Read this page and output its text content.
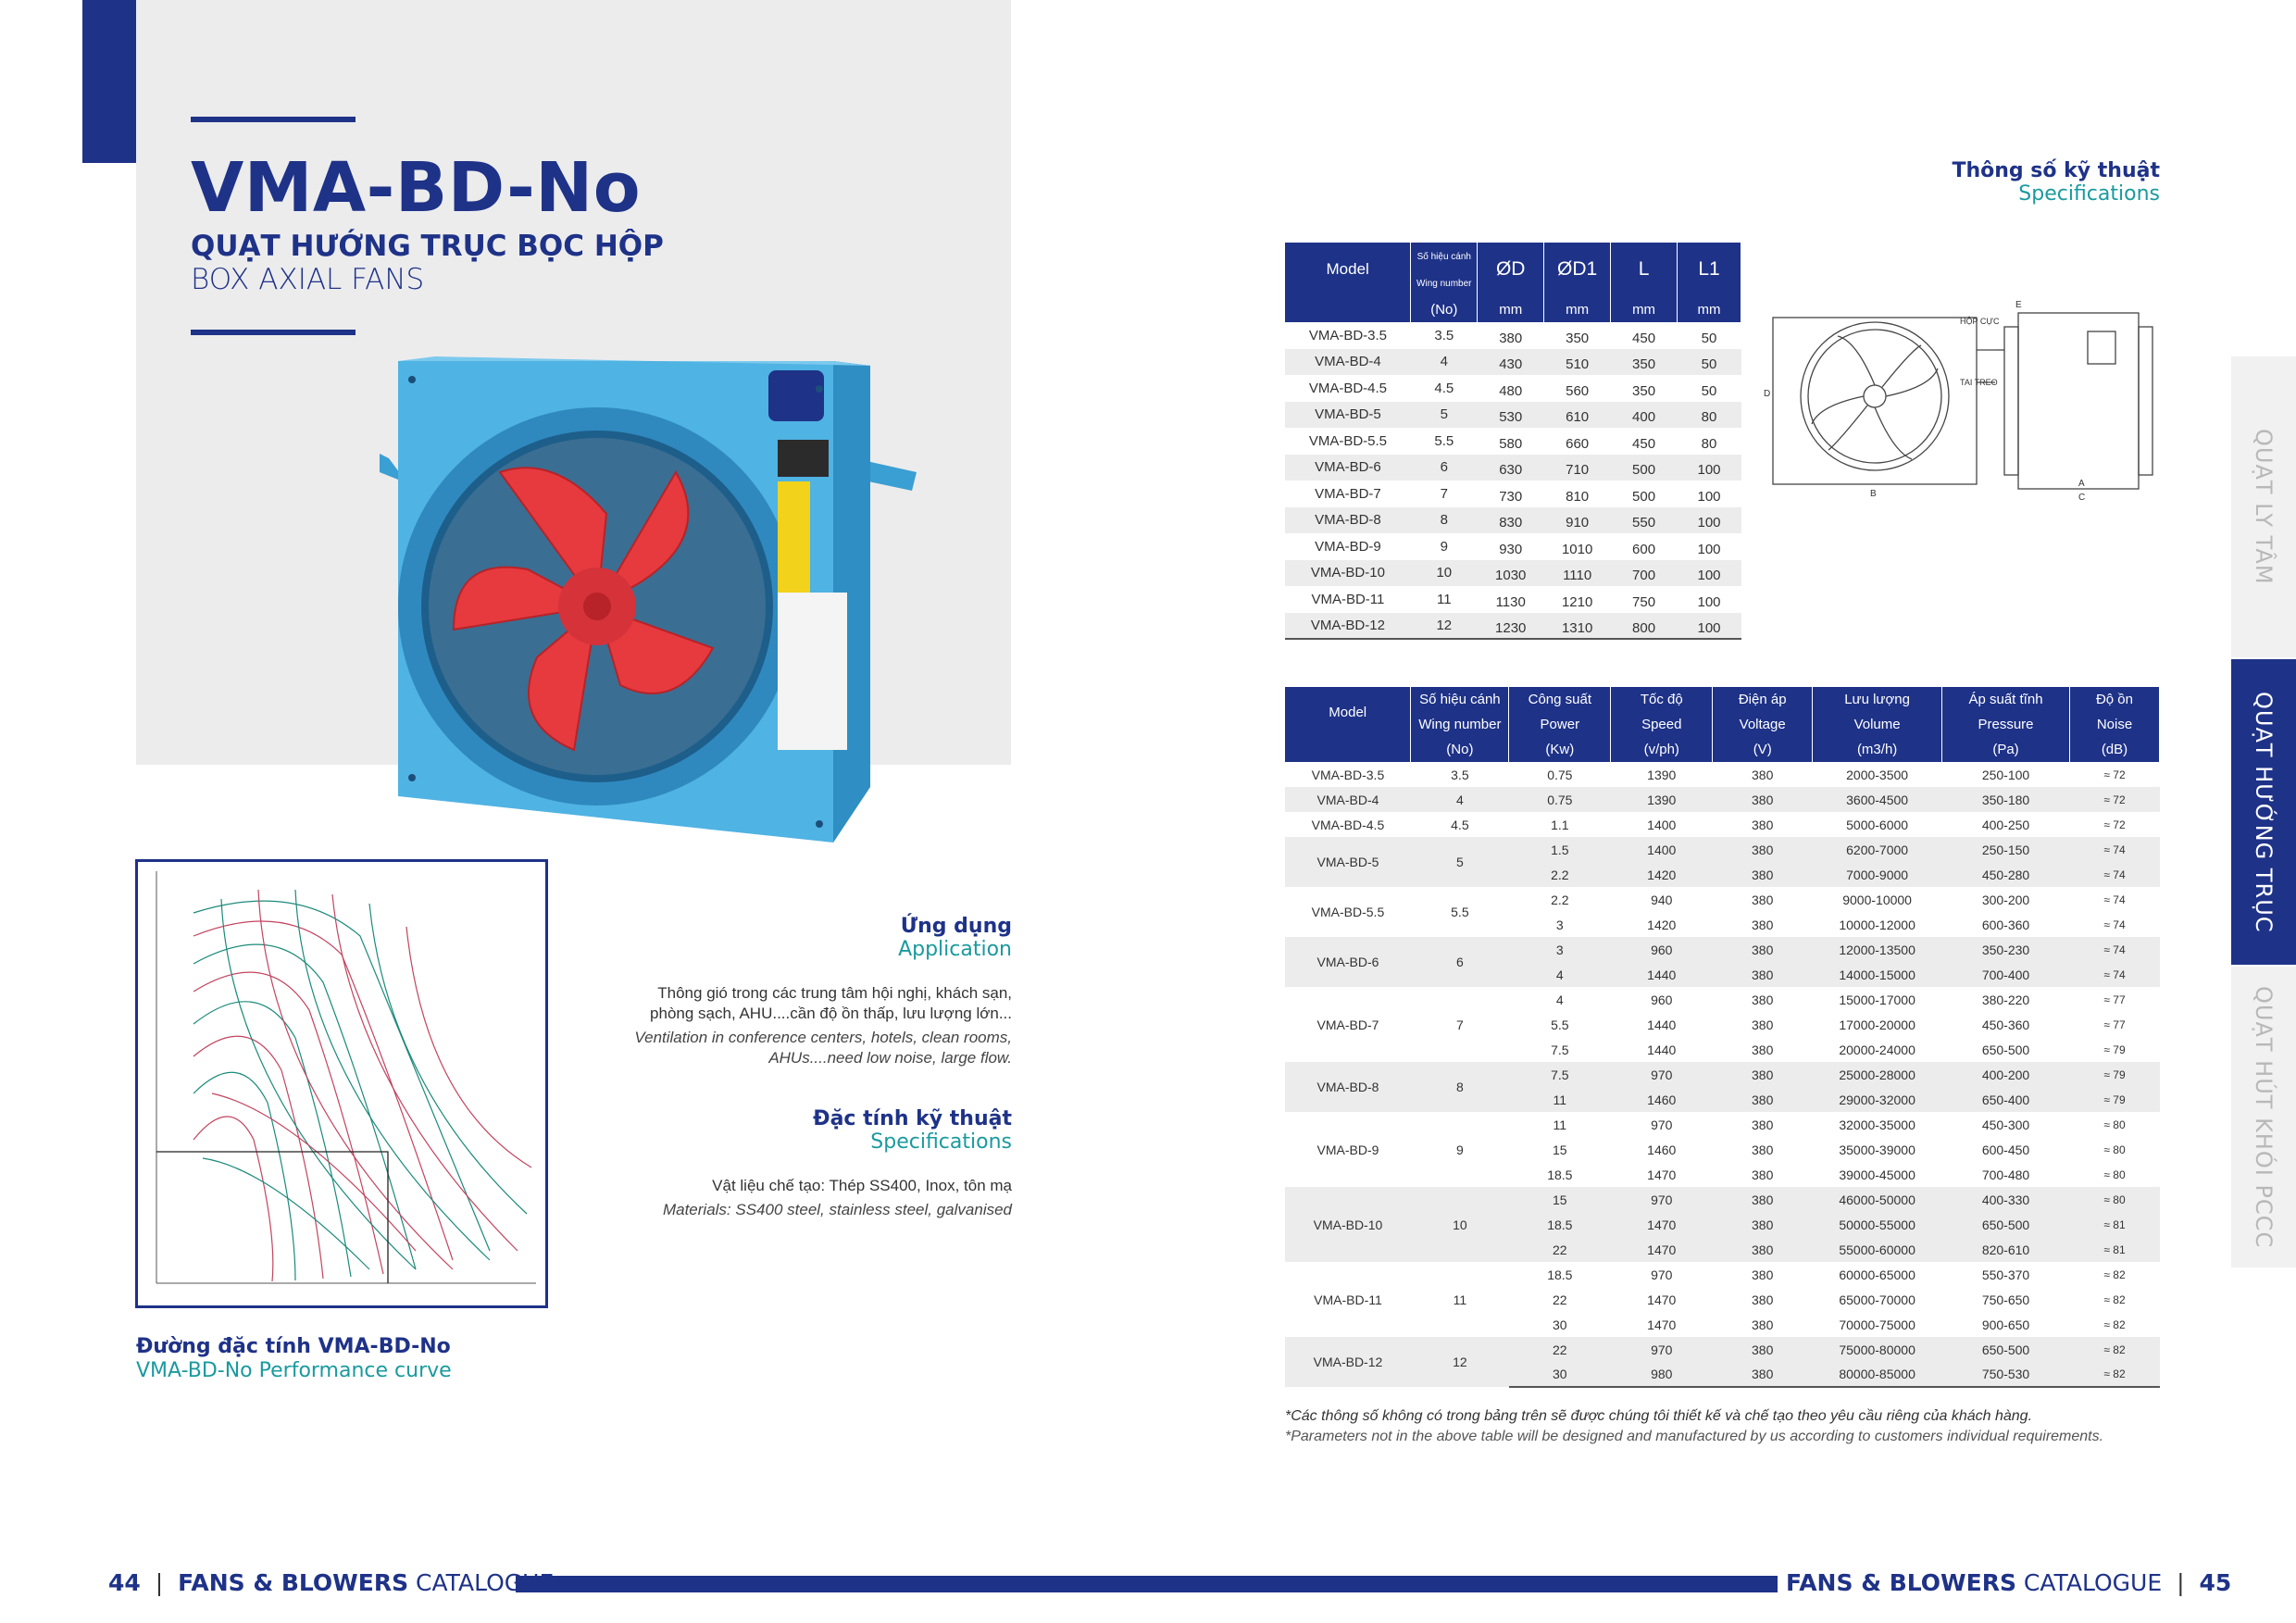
VMA-BD-No
QUẠT HƯỚNG TRỤC BỌC HỘP
BOX AXIAL FANS
Đường đặc tính VMA-BD-No
VMA-BD-No Performance curve
Ứng dụng
Application
Thông gió trong các trung tâm hội nghị, khách sạn,
phòng sạch, AHU....cần độ ồn thấp, lưu lượng lớn...
Ventilation in conference centers, hotels, clean rooms,
AHUs....need low noise, large flow.
Đặc tính kỹ thuật
Specifications
Vật liệu chế tạo: Thép SS400, Inox, tôn mạ
Materials: SS400 steel, stainless steel, galvanised
Thông số kỹ thuật
Specifications
Model	Số hiệu cánh	ØD	ØD1	L	L1
	Wing number				
	(No)	mm	mm	mm	mm
VMA-BD-3.5	3.5	380	350	450	50
VMA-BD-4	4	430	510	350	50
VMA-BD-4.5	4.5	480	560	350	50
VMA-BD-5	5	530	610	400	80
VMA-BD-5.5	5.5	580	660	450	80
VMA-BD-6	6	630	710	500	100
VMA-BD-7	7	730	810	500	100
VMA-BD-8	8	830	910	550	100
VMA-BD-9	9	930	1010	600	100
VMA-BD-10	10	1030	1110	700	100
VMA-BD-11	11	1130	1210	750	100
VMA-BD-12	12	1230	1310	800	100
HỘP CỰC
TAI TREO
B
A
C
D
E
Model	Số hiệu cánh	Công suất	Tốc độ	Điện áp	Lưu lượng	Áp suất tĩnh	Độ ồn
	Wing number	Power	Speed	Voltage	Volume	Pressure	Noise
	(No)	(Kw)	(v/ph)	(V)	(m3/h)	(Pa)	(dB)
VMA-BD-3.5	3.5	0.75	1390	380	2000-3500	250-100	≈ 72
VMA-BD-4	4	0.75	1390	380	3600-4500	350-180	≈ 72
VMA-BD-4.5	4.5	1.1	1400	380	5000-6000	400-250	≈ 72
VMA-BD-5	5	1.5	1400	380	6200-7000	250-150	≈ 74
		2.2	1420	380	7000-9000	450-280	≈ 74
VMA-BD-5.5	5.5	2.2	940	380	9000-10000	300-200	≈ 74
		3	1420	380	10000-12000	600-360	≈ 74
VMA-BD-6	6	3	960	380	12000-13500	350-230	≈ 74
		4	1440	380	14000-15000	700-400	≈ 74
VMA-BD-7	7	4	960	380	15000-17000	380-220	≈ 77
		5.5	1440	380	17000-20000	450-360	≈ 77
		7.5	1440	380	20000-24000	650-500	≈ 79
VMA-BD-8	8	7.5	970	380	25000-28000	400-200	≈ 79
		11	1460	380	29000-32000	650-400	≈ 79
VMA-BD-9	9	11	970	380	32000-35000	450-300	≈ 80
		15	1460	380	35000-39000	600-450	≈ 80
		18.5	1470	380	39000-45000	700-480	≈ 80
VMA-BD-10	10	15	970	380	46000-50000	400-330	≈ 80
		18.5	1470	380	50000-55000	650-500	≈ 81
		22	1470	380	55000-60000	820-610	≈ 81
VMA-BD-11	11	18.5	970	380	60000-65000	550-370	≈ 82
		22	1470	380	65000-70000	750-650	≈ 82
		30	1470	380	70000-75000	900-650	≈ 82
VMA-BD-12	12	22	970	380	75000-80000	650-500	≈ 82
		30	980	380	80000-85000	750-530	≈ 82
*Các thông số không có trong bảng trên sẽ được chúng tôi thiết kế và chế tạo theo yêu cầu riêng của khách hàng.
*Parameters not in the above table will be designed and manufactured by us according to customers individual requirements.
QUẠT LY TÂM
QUẠT HƯỚNG TRỤC
QUẠT HÚT KHÓI PCCC
44 | FANS & BLOWERS CATALOGUE	FANS & BLOWERS CATALOGUE | 45
